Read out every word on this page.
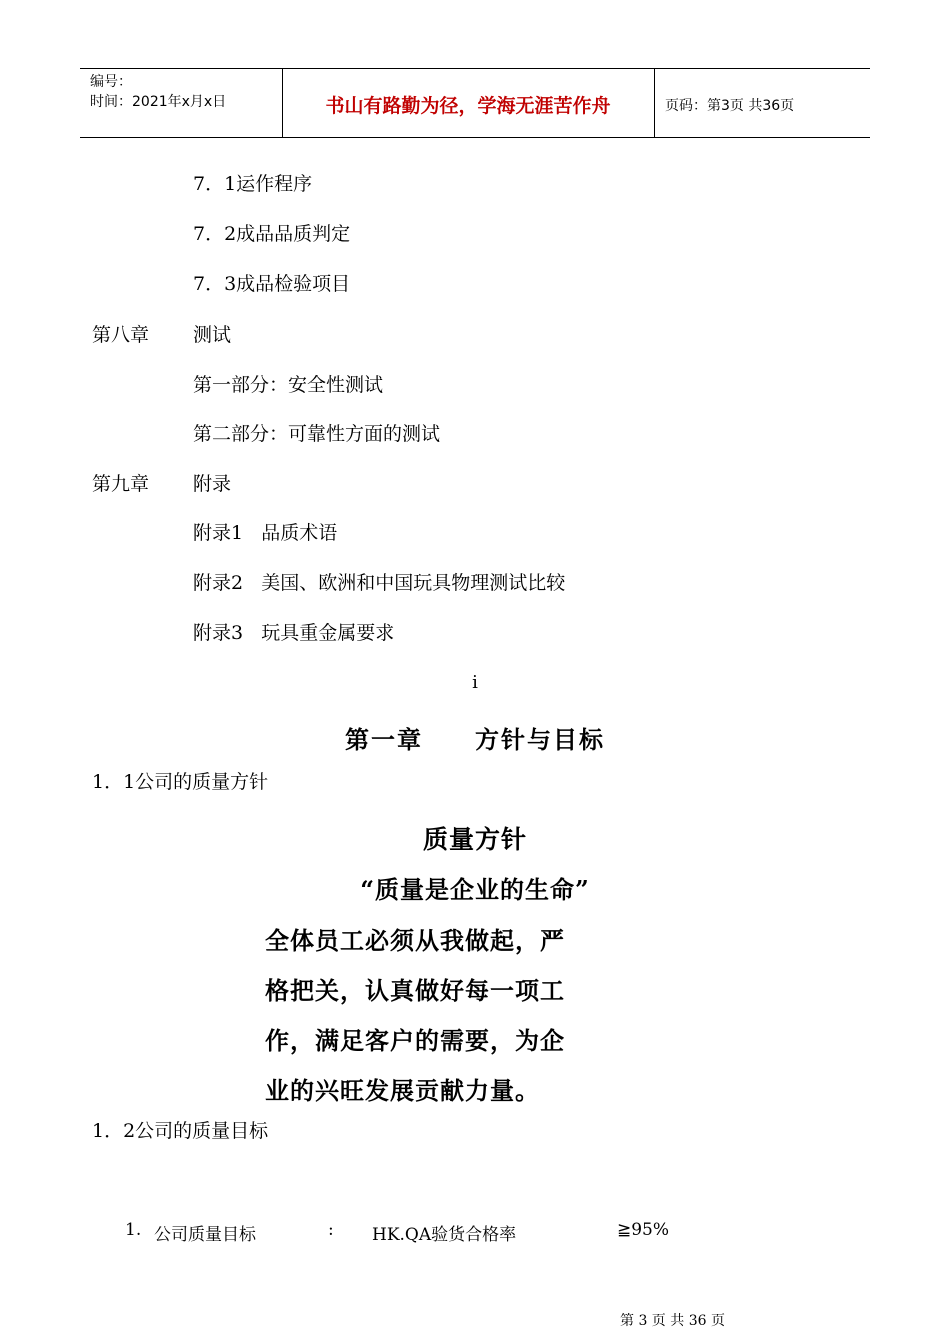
编号：
时间：2021年x月x日	书山有路勤为径，学海无涯苦作舟	页码：第3页 共36页
7．1运作程序
7．2成品品质判定
7．3成品检验项目
第八章 测试
第一部分：安全性测试
第二部分：可靠性方面的测试
第九章 附录
附录1   品质术语
附录2   美国、欧洲和中国玩具物理测试比较
附录3   玩具重金属要求
i
第一章 方针与目标
1．1公司的质量方针
质量方针
“质量是企业的生命”
全体员工必须从我做起，严
格把关，认真做好每一项工
作，满足客户的需要，为企
业的兴旺发展贡献力量。
1．2公司的质量目标
1. 公司质量目标	: HK.QA验货合格率	≧95%
第 3 页 共 36 页
